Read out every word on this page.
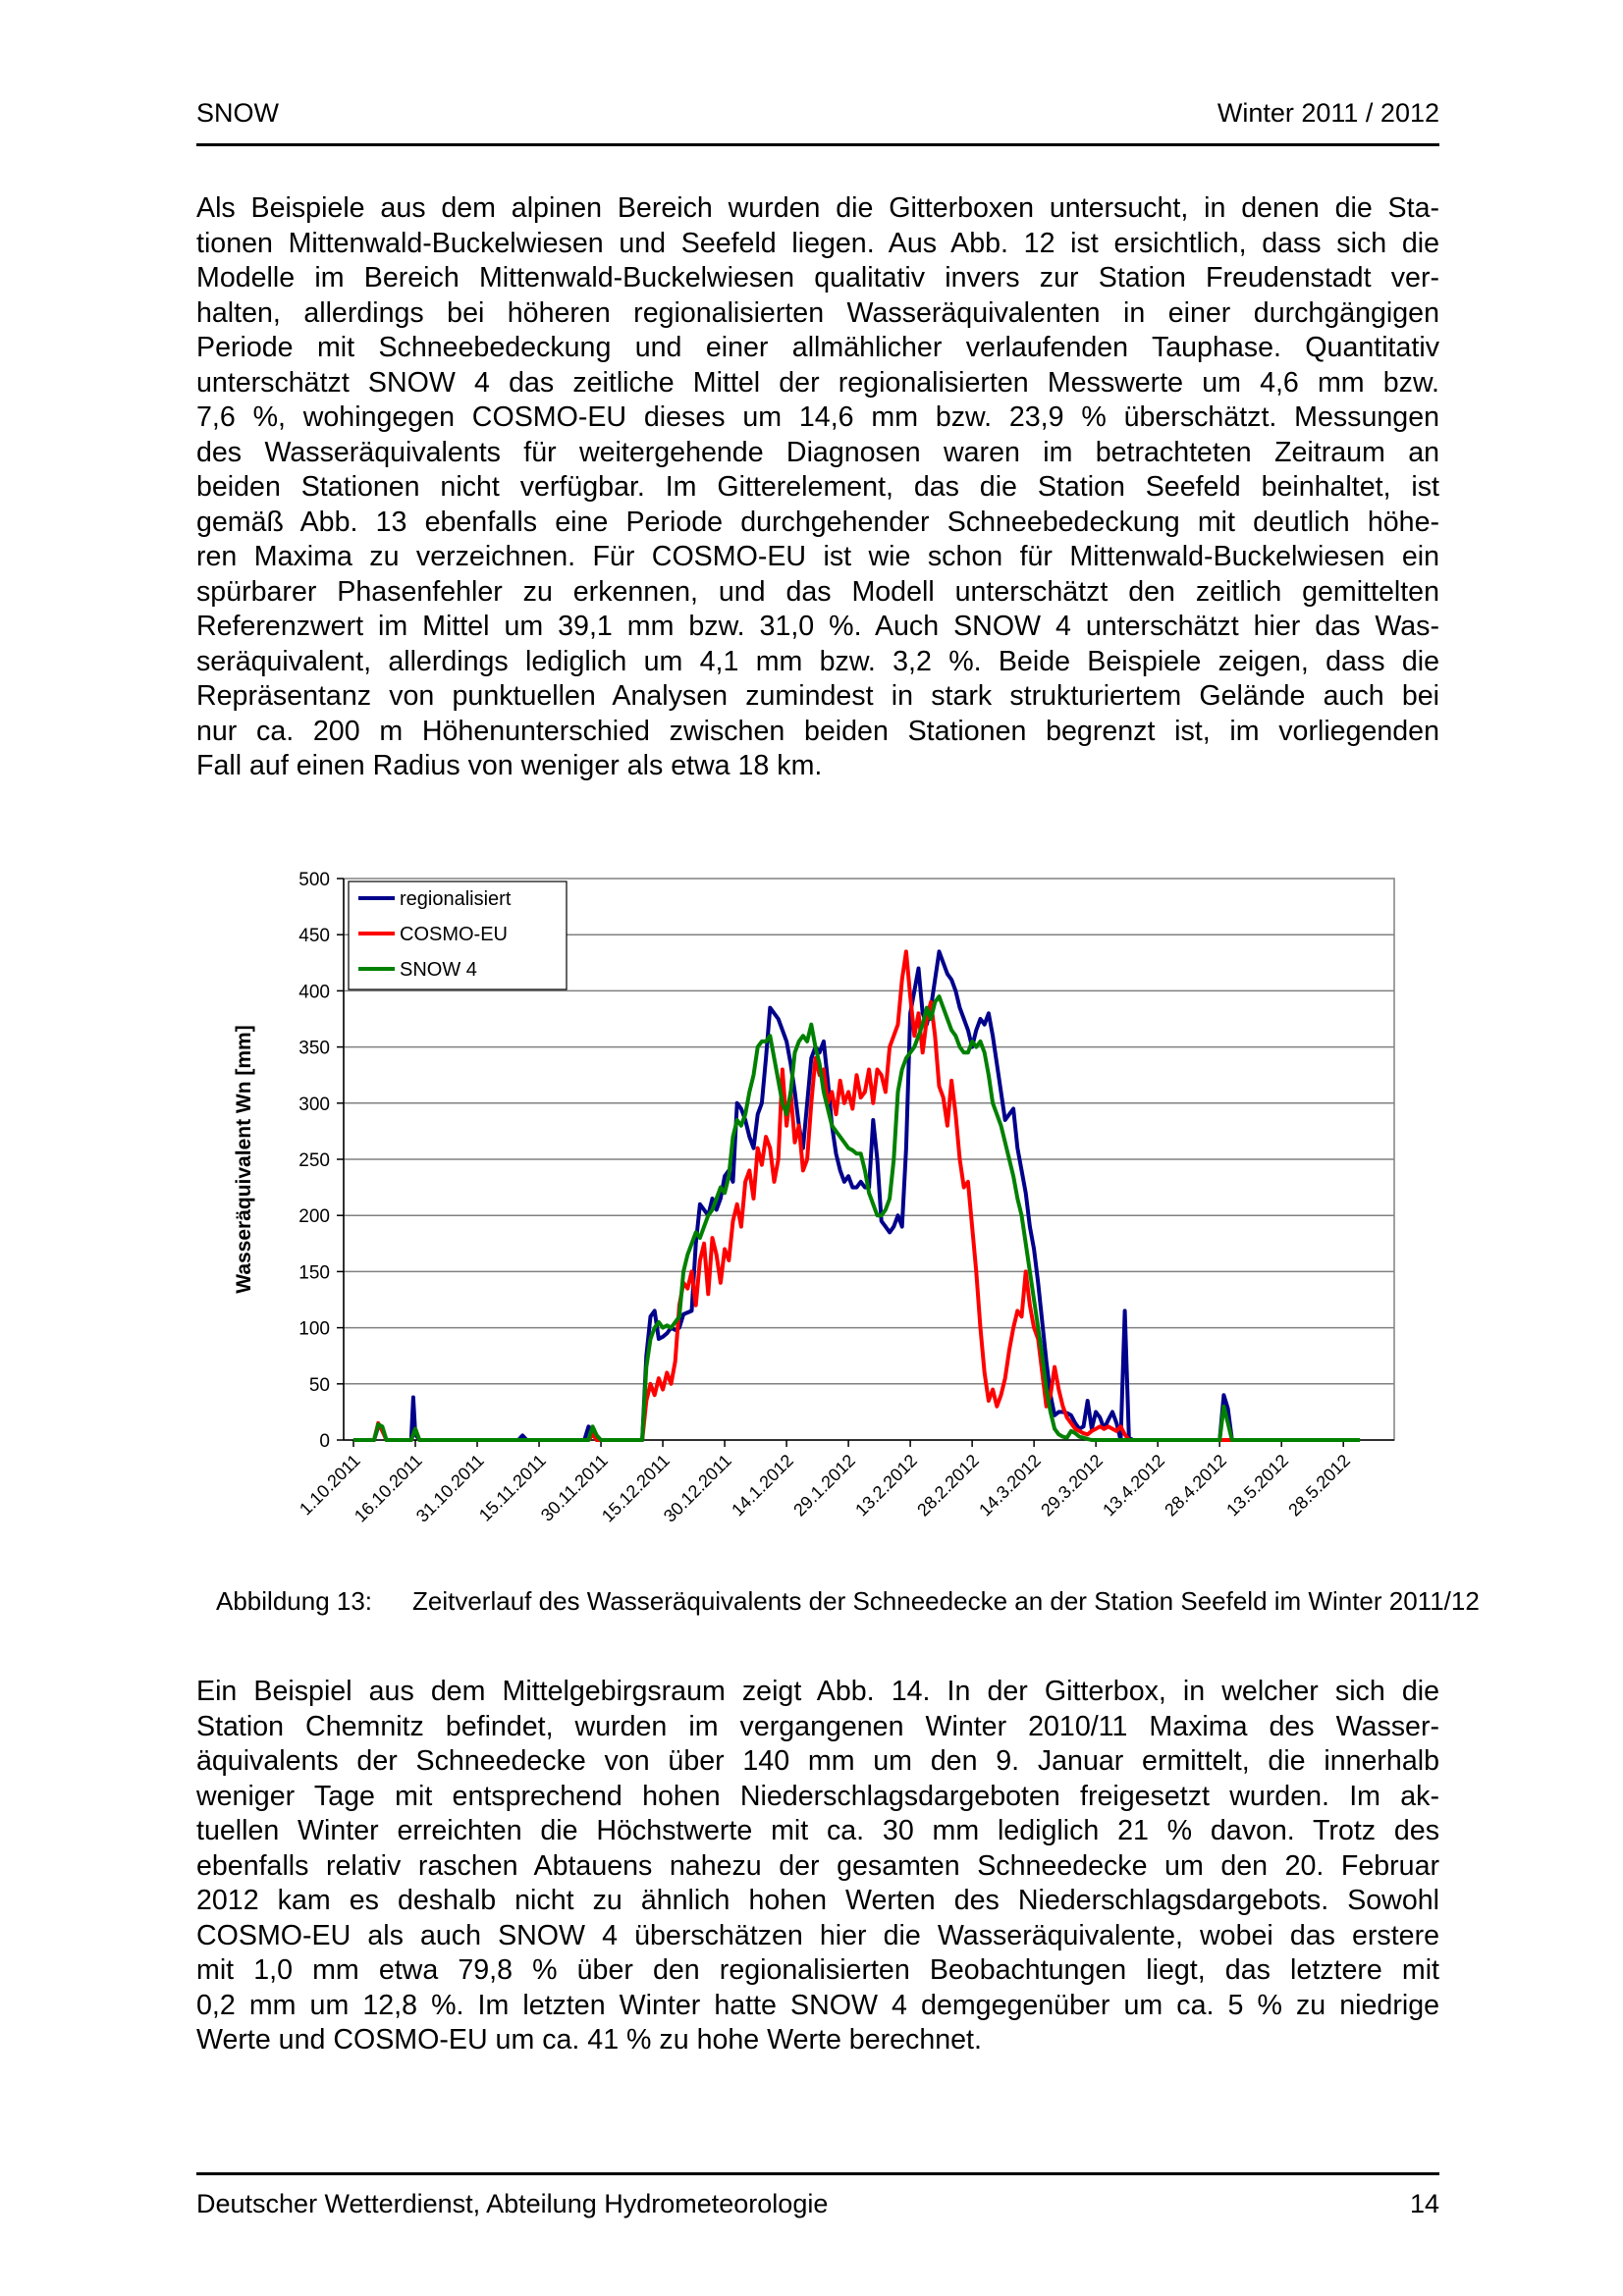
SNOW	Winter 2011 / 2012
Als Beispiele aus dem alpinen Bereich wurden die Gitterboxen untersucht, in denen die Sta-
tionen Mittenwald-Buckelwiesen und Seefeld liegen. Aus Abb. 12 ist ersichtlich, dass sich die
Modelle im Bereich Mittenwald-Buckelwiesen qualitativ invers zur Station Freudenstadt ver-
halten, allerdings bei höheren regionalisierten Wasseräquivalenten in einer durchgängigen
Periode mit Schneebedeckung und einer allmählicher verlaufenden Tauphase. Quantitativ
unterschätzt SNOW 4 das zeitliche Mittel der regionalisierten Messwerte um 4,6 mm bzw.
7,6 %, wohingegen COSMO-EU dieses um 14,6 mm bzw. 23,9 % überschätzt. Messungen
des Wasseräquivalents für weitergehende Diagnosen waren im betrachteten Zeitraum an
beiden Stationen nicht verfügbar. Im Gitterelement, das die Station Seefeld beinhaltet, ist
gemäß Abb. 13 ebenfalls eine Periode durchgehender Schneebedeckung mit deutlich höhe-
ren Maxima zu verzeichnen. Für COSMO-EU ist wie schon für Mittenwald-Buckelwiesen ein
spürbarer Phasenfehler zu erkennen, und das Modell unterschätzt den zeitlich gemittelten
Referenzwert im Mittel um 39,1 mm bzw. 31,0 %. Auch SNOW 4 unterschätzt hier das Was-
seräquivalent, allerdings lediglich um 4,1 mm bzw. 3,2 %. Beide Beispiele zeigen, dass die
Repräsentanz von punktuellen Analysen zumindest in stark strukturiertem Gelände auch bei
nur ca. 200 m Höhenunterschied zwischen beiden Stationen begrenzt ist, im vorliegenden
Fall auf einen Radius von weniger als etwa 18 km.
0
50
100
150
200
250
300
350
400
450
500
1.10.2011
16.10.2011
31.10.2011
15.11.2011
30.11.2011
15.12.2011
30.12.2011
14.1.2012
29.1.2012
13.2.2012
28.2.2012
14.3.2012
29.3.2012
13.4.2012
28.4.2012
13.5.2012
28.5.2012
Wasseräquivalent Wn [mm]
regionalisiert
COSMO-EU
SNOW 4
Abbildung 13: Zeitverlauf des Wasseräquivalents der Schneedecke an der Station Seefeld im Winter 2011/12
Ein Beispiel aus dem Mittelgebirgsraum zeigt Abb. 14. In der Gitterbox, in welcher sich die
Station Chemnitz befindet, wurden im vergangenen Winter 2010/11 Maxima des Wasser-
äquivalents der Schneedecke von über 140 mm um den 9. Januar ermittelt, die innerhalb
weniger Tage mit entsprechend hohen Niederschlagsdargeboten freigesetzt wurden. Im ak-
tuellen Winter erreichten die Höchstwerte mit ca. 30 mm lediglich 21 % davon. Trotz des
ebenfalls relativ raschen Abtauens nahezu der gesamten Schneedecke um den 20. Februar
2012 kam es deshalb nicht zu ähnlich hohen Werten des Niederschlagsdargebots. Sowohl
COSMO-EU als auch SNOW 4 überschätzen hier die Wasseräquivalente, wobei das erstere
mit 1,0 mm etwa 79,8 % über den regionalisierten Beobachtungen liegt, das letztere mit
0,2 mm um 12,8 %. Im letzten Winter hatte SNOW 4 demgegenüber um ca. 5 % zu niedrige
Werte und COSMO-EU um ca. 41 % zu hohe Werte berechnet.
Deutscher Wetterdienst, Abteilung Hydrometeorologie	14
